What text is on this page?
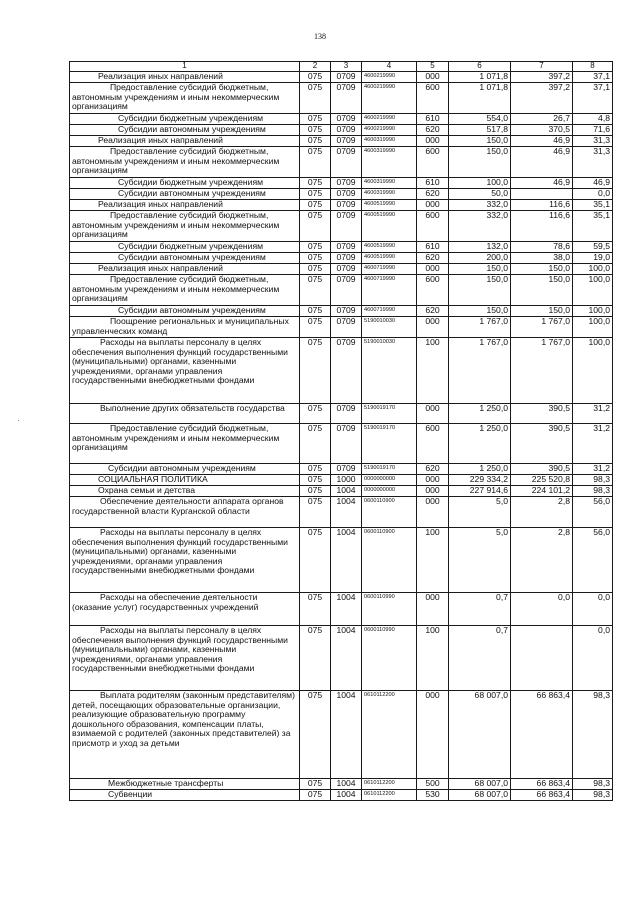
138
·
1	2	3	4	5	6	7	8
Реализация иных направлений	075	0709	4600219990	000	1 071,8	397,2	37,1
Предоставление субсидий бюджетным, автономным учреждениям и иным некоммерческим организациям	075	0709	4600219990	600	1 071,8	397,2	37,1
Субсидии бюджетным учреждениям	075	0709	4600219990	610	554,0	26,7	4,8
Субсидии автономным учреждениям	075	0709	4600219990	620	517,8	370,5	71,6
Реализация иных направлений	075	0709	4600319990	000	150,0	46,9	31,3
Предоставление субсидий бюджетным, автономным учреждениям и иным некоммерческим организациям	075	0709	4600319990	600	150,0	46,9	31,3
Субсидии бюджетным учреждениям	075	0709	4600319990	610	100,0	46,9	46,9
Субсидии автономным учреждениям	075	0709	4600319990	620	50,0		0,0
Реализация иных направлений	075	0709	4600519990	000	332,0	116,6	35,1
Предоставление субсидий бюджетным, автономным учреждениям и иным некоммерческим организациям	075	0709	4600519990	600	332,0	116,6	35,1
Субсидии бюджетным учреждениям	075	0709	4600519990	610	132,0	78,6	59,5
Субсидии автономным учреждениям	075	0709	4600519990	620	200,0	38,0	19,0
Реализация иных направлений	075	0709	4600719990	000	150,0	150,0	100,0
Предоставление субсидий бюджетным, автономным учреждениям и иным некоммерческим организациям	075	0709	4600719990	600	150,0	150,0	100,0
Субсидии автономным учреждениям	075	0709	4600719990	620	150,0	150,0	100,0
Поощрение региональных и муниципальных управленческих команд	075	0709	5190010030	000	1 767,0	1 767,0	100,0
Расходы на выплаты персоналу в целях обеспечения выполнения функций государственными (муниципальными) органами, казенными учреждениями, органами управления государственными внебюджетными фондами	075	0709	5190010030	100	1 767,0	1 767,0	100,0
Выполнение других обязательств государства	075	0709	5190019170	000	1 250,0	390,5	31,2
Предоставление субсидий бюджетным, автономным учреждениям и иным некоммерческим организациям	075	0709	5190019170	600	1 250,0	390,5	31,2
Субсидии автономным учреждениям	075	0709	5190019170	620	1 250,0	390,5	31,2
СОЦИАЛЬНАЯ ПОЛИТИКА	075	1000	0000000000	000	229 334,2	225 520,8	98,3
Охрана семьи и детства	075	1004	0000000000	000	227 914,6	224 101,2	98,3
Обеспечение деятельности аппарата органов государственной власти Курганской области	075	1004	0600110900	000	5,0	2,8	56,0
Расходы на выплаты персоналу в целях обеспечения выполнения функций государственными (муниципальными) органами, казенными учреждениями, органами управления государственными внебюджетными фондами	075	1004	0600110900	100	5,0	2,8	56,0
Расходы на обеспечение деятельности (оказание услуг) государственных учреждений	075	1004	0600110990	000	0,7	0,0	0,0
Расходы на выплаты персоналу в целях обеспечения выполнения функций государственными (муниципальными) органами, казенными учреждениями, органами управления государственными внебюджетными фондами	075	1004	0600110990	100	0,7		0,0
Выплата родителям (законным представителям) детей, посещающих образовательные организации, реализующие образовательную программу дошкольного образования, компенсации платы, взимаемой с родителей (законных представителей) за присмотр и уход за детьми	075	1004	0610112200	000	68 007,0	66 863,4	98,3
Межбюджетные трансферты	075	1004	0610112200	500	68 007,0	66 863,4	98,3
Субвенции	075	1004	0610112200	530	68 007,0	66 863,4	98,3
